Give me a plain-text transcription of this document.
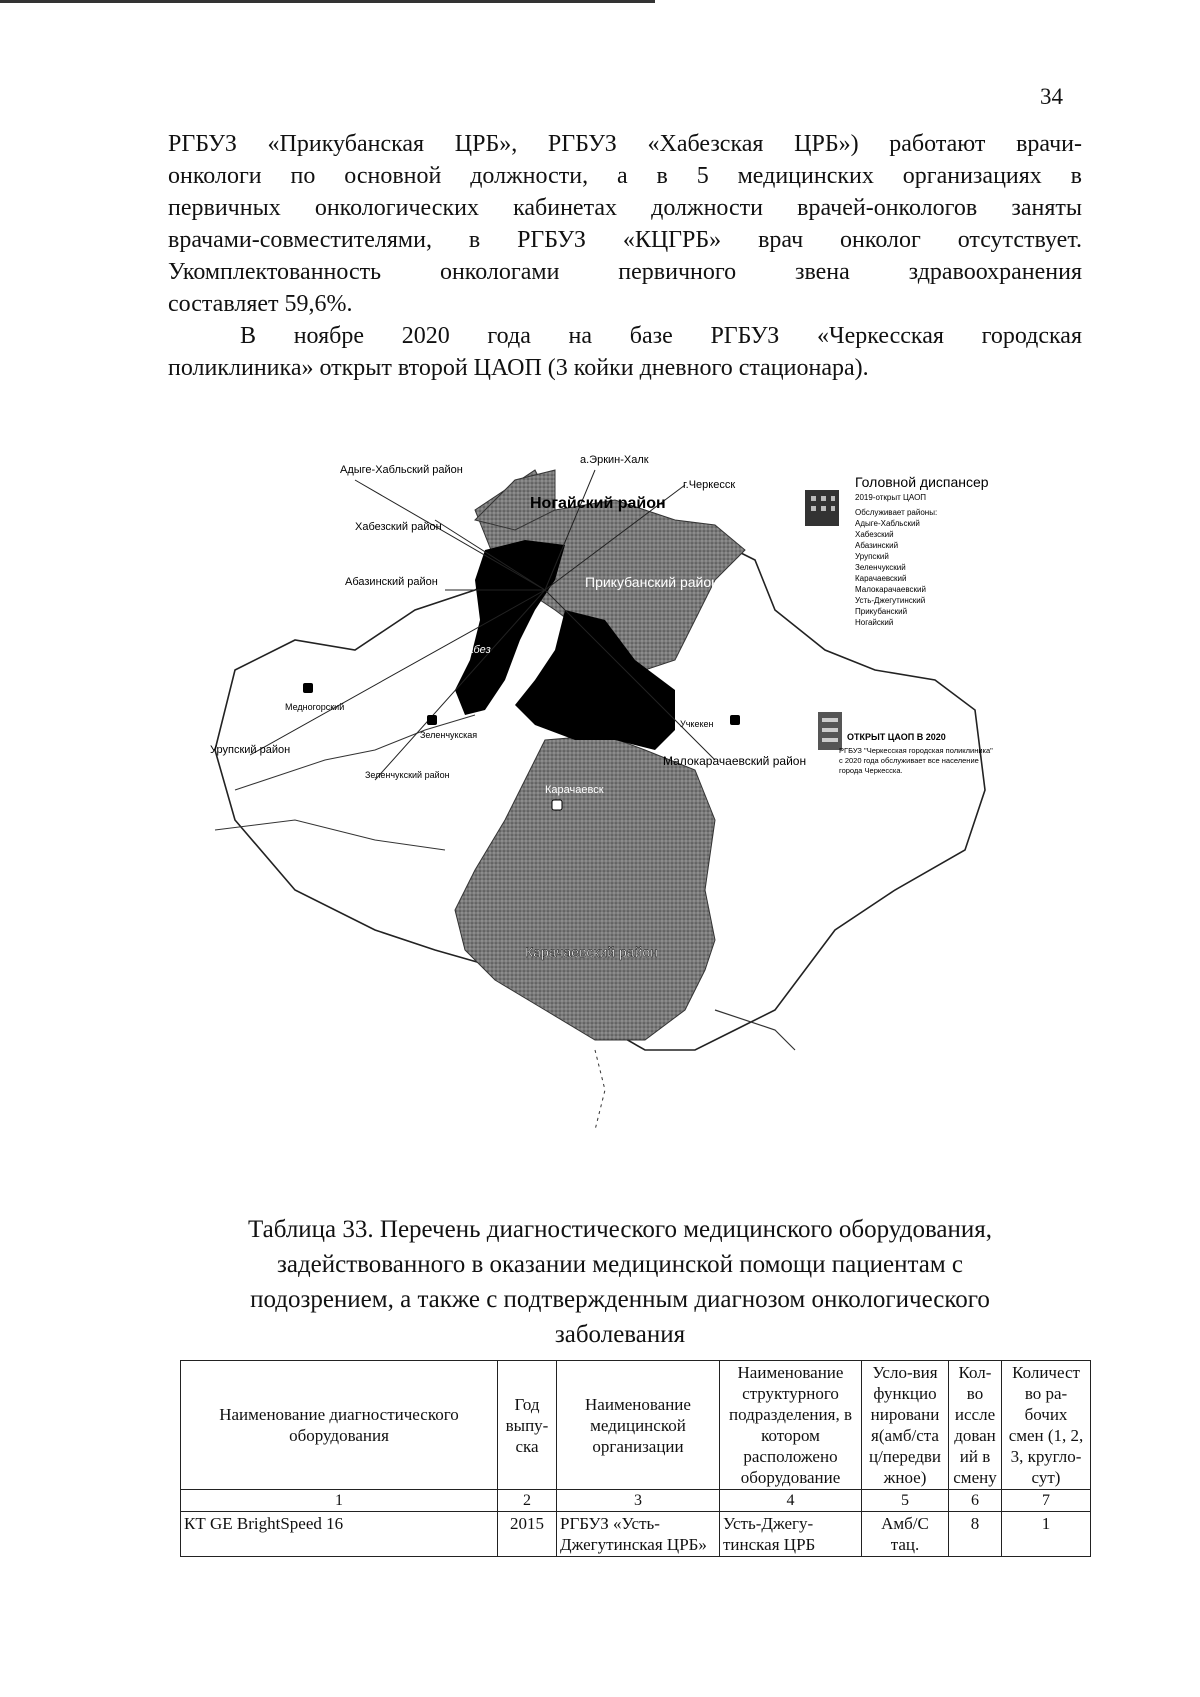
34
РГБУЗ «Прикубанская ЦРБ», РГБУЗ «Хабезская ЦРБ») работают врачи-
онкологи по основной должности, а в 5 медицинских организациях в
первичных онкологических кабинетах должности врачей-онкологов заняты
врачами-совместителями, в РГБУЗ «КЦГРБ» врач онколог отсутствует.
Укомплектованность онкологами первичного звена здравоохранения
составляет 59,6%.
В ноябре 2020 года на базе РГБУЗ «Черкесская городская
поликлиника» открыт второй ЦАОП (3 койки дневного стационара).
Адыге-Хабльский район
а.Эркин-Халк
г.Черкесск
Ногайский район
Хабезский район
Абазинский район	Прикубанский район
Хабез
Медногорский
Урупский район
Зеленчукская
Зеленчукский район
Учкекен
Малокарачаевский район
Карачаевск
Карачаевский район
Головной диспансер
2019-открыт ЦАОП
Обслуживает районы:
Адыге-Хабльский
Хабезский
Абазинский
Урупский
Зеленчукский
Карачаевский
Малокарачаевский
Усть-Джегутинский
Прикубанский
Ногайский
ОТКРЫТ ЦАОП В 2020
РГБУЗ "Черкесская городская поликлиника"
с 2020 года обслуживает все население
города Черкесска.
Таблица 33. Перечень диагностического медицинского оборудования,
задействованного в оказании медицинской помощи пациентам с
подозрением, а также с подтвержденным диагнозом онкологического
заболевания
Наименование диагностического оборудования	Год выпу-ска	Наименование медицинской организации	Наименование структурного подразделения, в котором расположено оборудование	Усло-вия функцио нировани я(амб/ста ц/передви жное)	Кол-во иссле дован ий в смену	Количест во ра-бочих смен (1, 2, 3, кругло-сут)
1	2	3	4	5	6	7
КТ GE BrightSpeed 16	2015	РГБУЗ «Усть-Джегутинская ЦРБ»	Усть-Джегу-тинская ЦРБ	Амб/С тац.	8	1
